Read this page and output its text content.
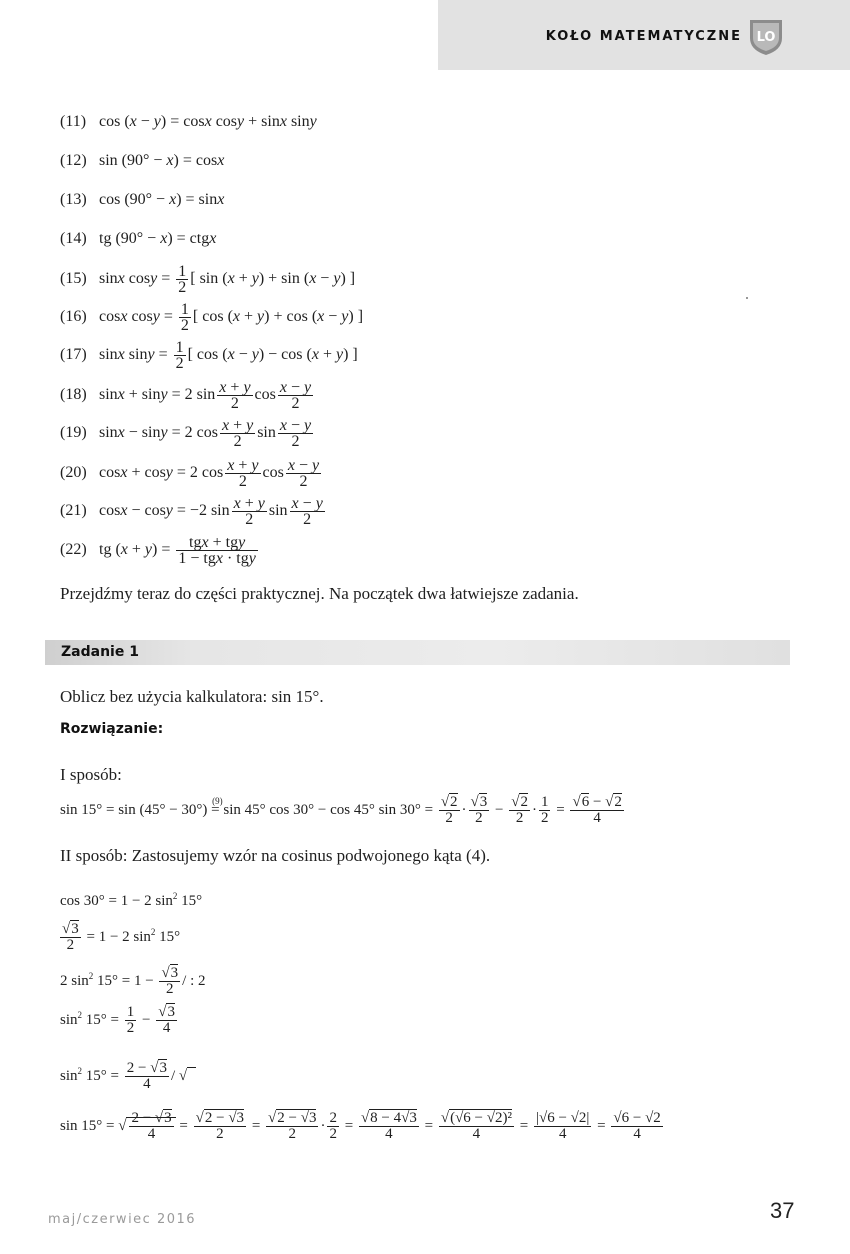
KOŁO MATEMATYCZNE LO
(11) cos (x − y) = cosx cosy + sinx siny
(12) sin (90° − x) = cosx
(13) cos (90° − x) = sinx
(14) tg (90° − x) = ctgx
(15) sinx $\cos y = \frac{1}{2}$ [ sin (x + y) + sin (x − y) ]
(16) cosx $\cos y = \frac{1}{2}$ [ cos (x + y) + cos (x − y) ]
(17) sinx $\sin y = \frac{1}{2}$ [ cos (x − y) − cos (x + y) ]
(18) sinx + siny = 2 $\sin \frac{x + y}{2}$ $\cos \frac{x - y}{2}$
(19) sinx − siny = 2 $\cos \frac{x + y}{2}$ $\sin \frac{x - y}{2}$
(20) cosx + cosy = 2 $\cos \frac{x + y}{2}$ $\cos \frac{x - y}{2}$
(21) cosx − cosy = −2 $\sin \frac{x + y}{2}$ $\sin \frac{x - y}{2}$
(22) tg $(x + y) = \frac{\text{tgx + tgy}}{\text{1 − tgx · tgy}}$
Przejdźmy teraz do części praktycznej. Na początek dwa łatwiejsze zadania.
Zadanie 1
Oblicz bez użycia kalkulatora: sin 15°.
Rozwiązanie:
I sposób:
sin 15° = sin (45° − 30°) =
(9)
sin 45° cos 30° − cos 45° $\sin 30^\circ = \frac{√2}{2} \cdot \frac{√3}{2} - \frac{√2}{2} \cdot \frac{1}{2} = \frac{√6 - √2}{4}$
II sposób: Zastosujemy wzór na cosinus podwojonego kąta (4).
cos 30° = 1 − 2 $\sin^2 15^\circ$
$\frac{√3}{2} = 1 - 2$ $\sin^2 15^\circ$
2 $\sin^2 15^\circ = 1 - \frac{√3}{2}$ / : 2
$\sin^2 15^\circ = \frac{1}{2} - \frac{√3}{4}$
$\sin^2 15^\circ = \frac{2 - √3}{4}$ / √
sin 15° = √ $\frac{2 - √3}{4} = \frac{√2 - √3}{2} = \frac{√2 - √3}{2} \cdot \frac{2}{2} = \frac{√8 - 4√3}{4} = \frac{\text{√(√6 − √2)²}}{4} = \frac{|√6 - √2|}{4} = \frac{√6 - √2}{4}$
maj/czerwiec 2016	37
